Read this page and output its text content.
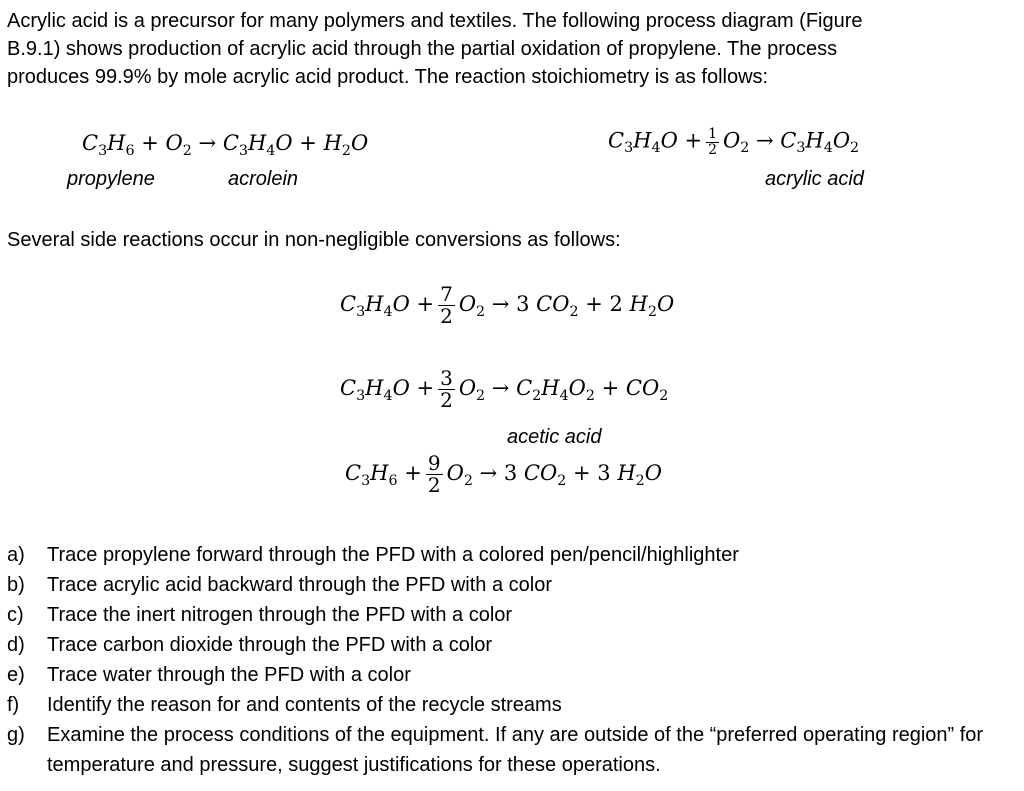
Acrylic acid is a precursor for many polymers and textiles. The following process diagram (Figure

B.9.1) shows production of acrylic acid through the partial oxidation of propylene. The process

produces 99.9% by mole acrylic acid product. The reaction stoichiometry is as follows:

$C_3H_6 + O_2 \to C_3H_4O + H_2O$
propylene	acrolein
$C_3H_4O + \frac{1}{2} O_2 \to C_3H_4O_2$
acrylic acid
Several side reactions occur in non-negligible conversions as follows:
$C_3H_4O + \frac{7}{2} O_2 \to 3$ $CO_2 + 2$ $H_2O$
$C_3H_4O + \frac{3}{2} O_2 \to C_2H_4O_2 + CO_2$
acetic acid
$C_3H_6 + \frac{9}{2} O_2 \to 3$ $CO_2 + 3$ $H_2O$
a)	Trace propylene forward through the PFD with a colored pen/pencil/highlighter
b)	Trace acrylic acid backward through the PFD with a color
c)	Trace the inert nitrogen through the PFD with a color
d)	Trace carbon dioxide through the PFD with a color
e)	Trace water through the PFD with a color
f)	Identify the reason for and contents of the recycle streams
g)	Examine the process conditions of the equipment. If any are outside of the “preferred operating region” for temperature and pressure, suggest justifications for these operations.
